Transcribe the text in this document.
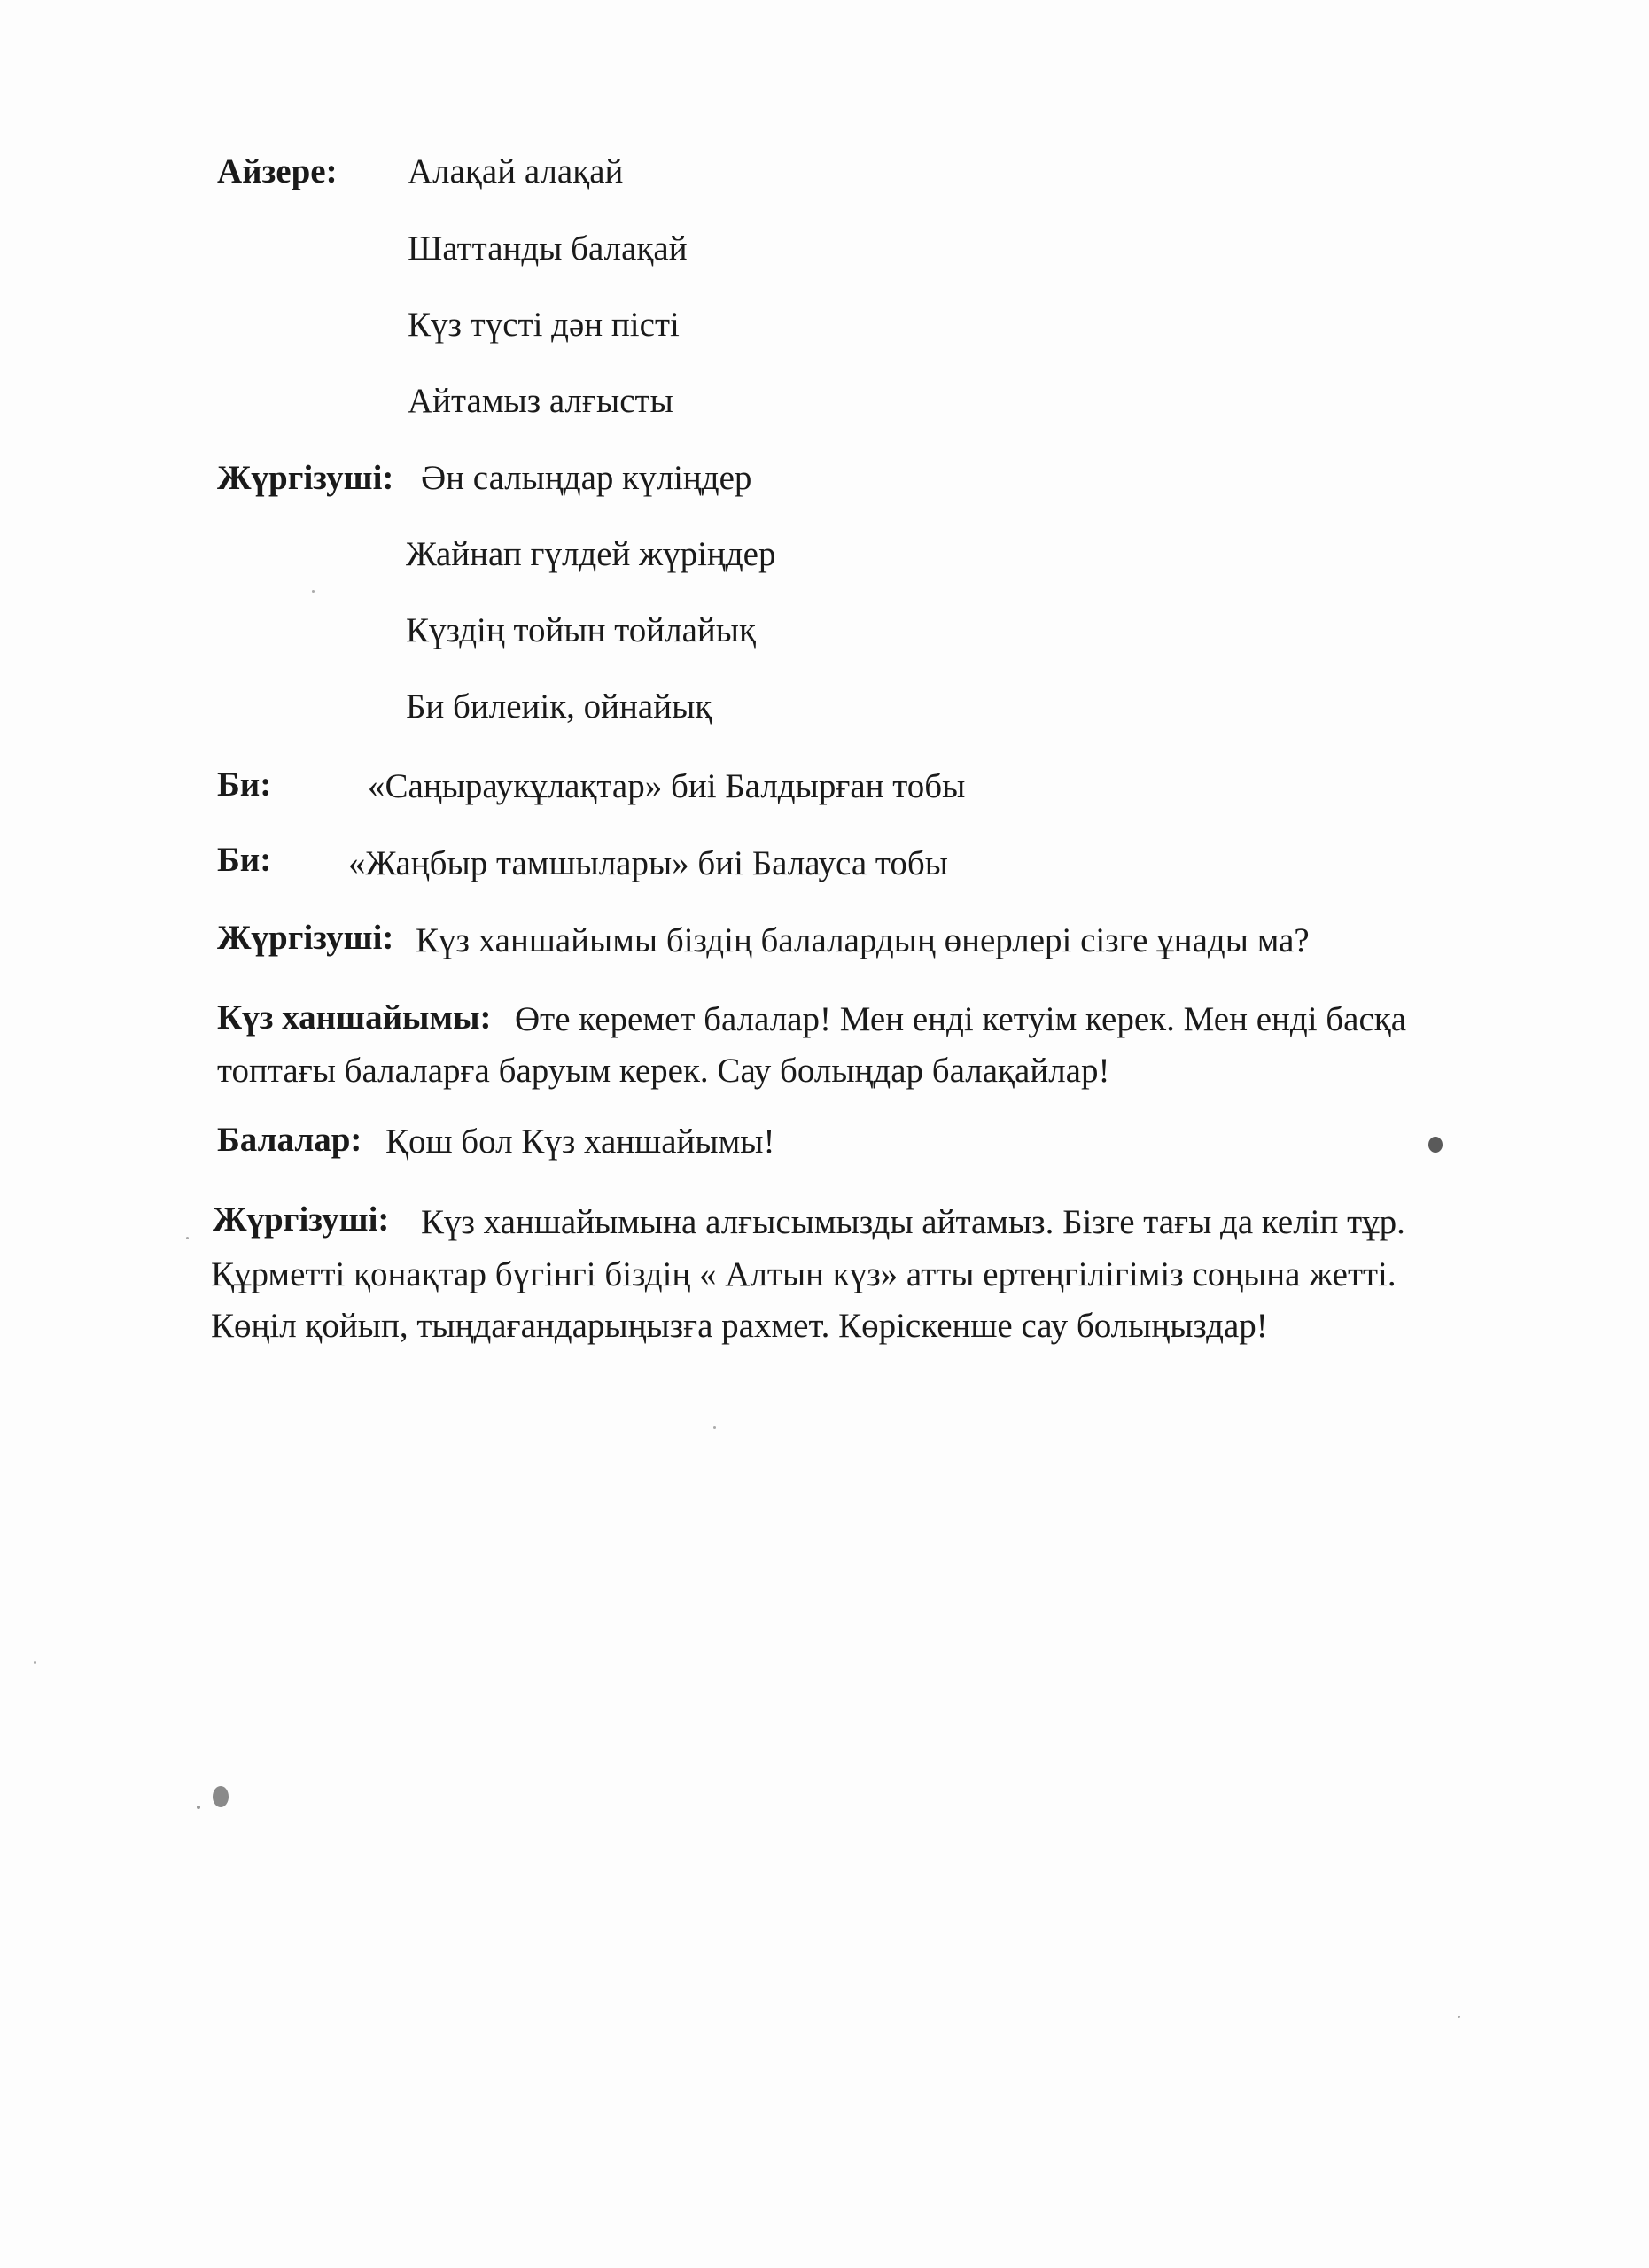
Айзере: Алақай алақай
Шаттанды балақай
Күз түсті дән пісті
Айтамыз алғысты
Жүргізуші: Ән салыңдар күліңдер
Жайнап гүлдей жүріңдер
Күздің тойын тойлайық
Би билеиік, ойнайық
Би:	«Саңыраукұлақтар» биі Балдырған тобы
Би: «Жаңбыр тамшылары» биі Балауса тобы
Жүргізуші: Күз ханшайымы біздің балалардың өнерлері сізге ұнады ма?
Күз ханшайымы: Өте керемет балалар! Мен енді кетуім керек. Мен енді басқа
топтағы балаларға баруым керек. Сау болыңдар балақайлар!
Балалар: Қош бол Күз ханшайымы!
Жүргізуші: Күз ханшайымына алғысымызды айтамыз. Бізге тағы да келіп тұр.
Құрметті қонақтар бүгінгі біздің « Алтын күз» атты ертеңгілігіміз соңына жетті.
Көңіл қойып, тыңдағандарыңызға рахмет. Көріскенше сау болыңыздар!
